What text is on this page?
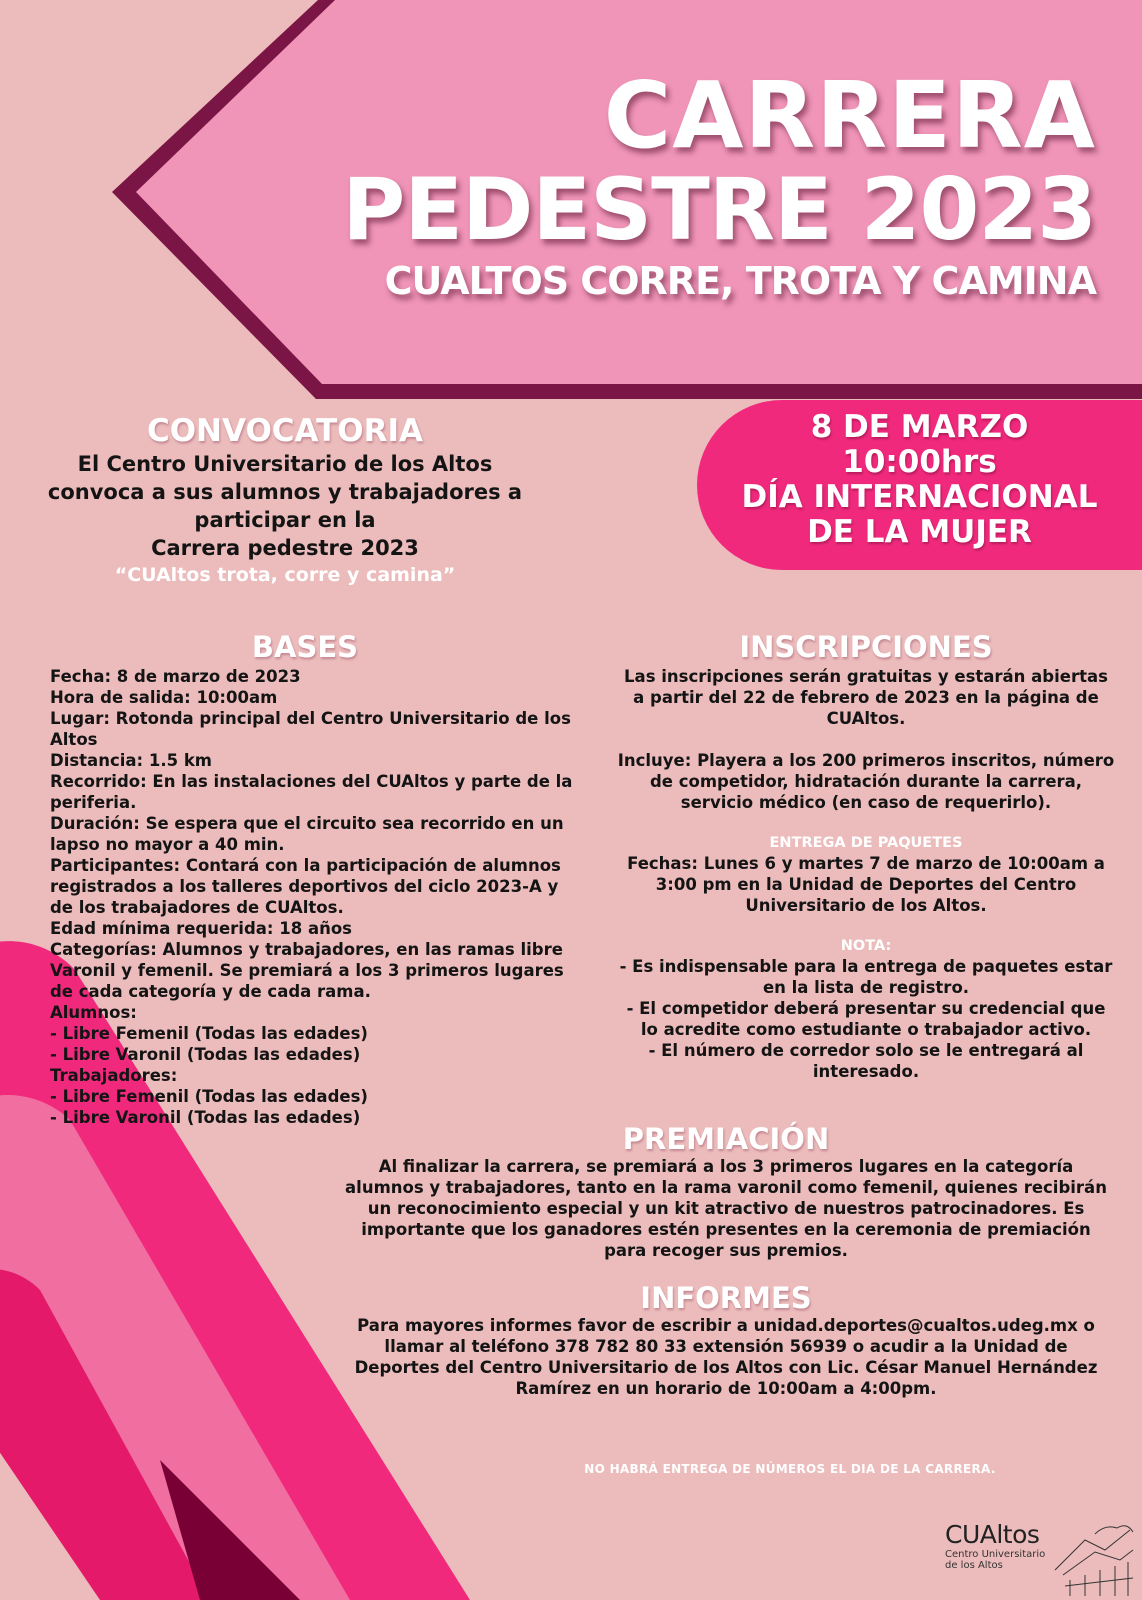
CARRERA
PEDESTRE 2023
CUALTOS CORRE, TROTA Y CAMINA
8 DE MARZO
10:00hrs
DÍA INTERNACIONAL
DE LA MUJER
CONVOCATORIA
El Centro Universitario de los Altos
convoca a sus alumnos y trabajadores a
participar en la
Carrera pedestre 2023
“CUAltos trota, corre y camina”
BASES
Fecha: 8 de marzo de 2023
Hora de salida: 10:00am
Lugar: Rotonda principal del Centro Universitario de los Altos
Distancia: 1.5 km
Recorrido: En las instalaciones del CUAltos y parte de la periferia.
Duración: Se espera que el circuito sea recorrido en un lapso no mayor a 40 min.
Participantes: Contará con la participación de alumnos registrados a los talleres deportivos del ciclo 2023-A y de los trabajadores de CUAltos.
Edad mínima requerida: 18 años
Categorías: Alumnos y trabajadores, en las ramas libre Varonil y femenil. Se premiará a los 3 primeros lugares de cada categoría y de cada rama.
Alumnos:
- Libre Femenil (Todas las edades)
- Libre Varonil (Todas las edades)
Trabajadores:
- Libre Femenil (Todas las edades)
- Libre Varonil (Todas las edades)
INSCRIPCIONES
Las inscripciones serán gratuitas y estarán abiertas a partir del 22 de febrero de 2023 en la página de CUAltos.
Incluye: Playera a los 200 primeros inscritos, número de competidor, hidratación durante la carrera, servicio médico (en caso de requerirlo).
ENTREGA DE PAQUETES
Fechas: Lunes 6 y martes 7 de marzo de 10:00am a 3:00 pm en la Unidad de Deportes del Centro Universitario de los Altos.
NOTA:
- Es indispensable para la entrega de paquetes estar en la lista de registro.
- El competidor deberá presentar su credencial que lo acredite como estudiante o trabajador activo.
- El número de corredor solo se le entregará al interesado.
PREMIACIÓN
Al finalizar la carrera, se premiará a los 3 primeros lugares en la categoría alumnos y trabajadores, tanto en la rama varonil como femenil, quienes recibirán un reconocimiento especial y un kit atractivo de nuestros patrocinadores. Es importante que los ganadores estén presentes en la ceremonia de premiación para recoger sus premios.
INFORMES
Para mayores informes favor de escribir a unidad.deportes@cualtos.udeg.mx o llamar al teléfono 378 782 80 33 extensión 56939 o acudir a la Unidad de Deportes del Centro Universitario de los Altos con Lic. César Manuel Hernández Ramírez en un horario de 10:00am a 4:00pm.
NO HABRÁ ENTREGA DE NÚMEROS EL DIA DE LA CARRERA.
CUAltos
Centro Universitario
de los Altos
